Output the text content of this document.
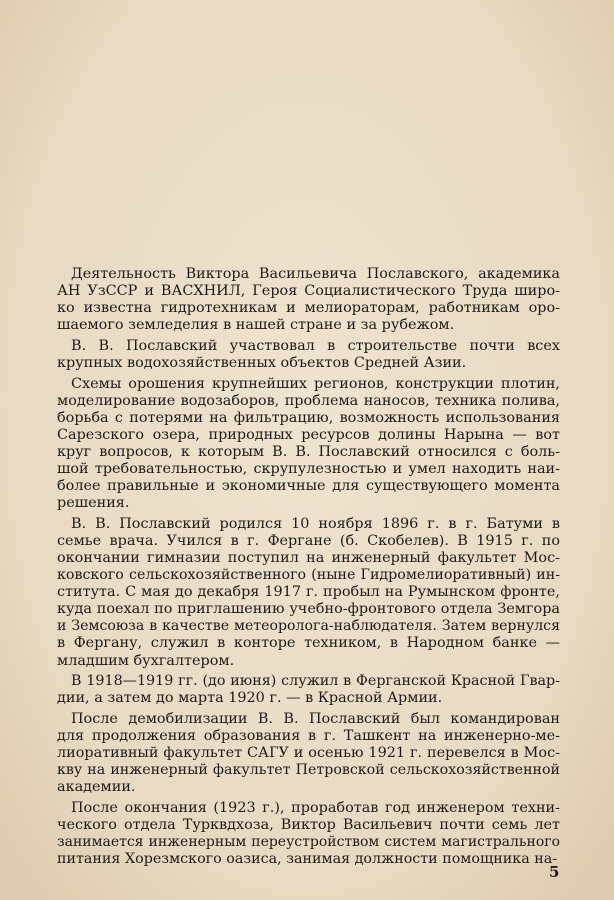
Деятельность Виктора Васильевича Пославского, академика
АН УзССР и ВАСХНИЛ, Героя Социалистического Труда широ-
ко известна гидротехникам и мелиораторам, работникам оро-
шаемого земледелия в нашей стране и за рубежом.

В. В. Пославский участвовал в строительстве почти всех
крупных водохозяйственных объектов Средней Азии.

Схемы орошения крупнейших регионов, конструкции плотин,
моделирование водозаборов, проблема наносов, техника полива,
борьба с потерями на фильтрацию, возможность использования
Сарезского озера, природных ресурсов долины Нарына — вот
круг вопросов, к которым В. В. Пославский относился с боль-
шой требовательностью, скрупулезностью и умел находить наи-
более правильные и экономичные для существующего момента
решения.

В. В. Пославский родился 10 ноября 1896 г. в г. Батуми в
семье врача. Учился в г. Фергане (б. Скобелев). В 1915 г. по
окончании гимназии поступил на инженерный факультет Мос-
ковского сельскохозяйственного (ныне Гидромелиоративный) ин-
ститута. С мая до декабря 1917 г. пробыл на Румынском фронте,
куда поехал по приглашению учебно-фронтового отдела Земгора
и Земсоюза в качестве метеоролога-наблюдателя. Затем вернулся
в Фергану, служил в конторе техником, в Народном банке —
младшим бухгалтером.

В 1918—1919 гг. (до июня) служил в Ферганской Красной Гвар-
дии, а затем до марта 1920 г. — в Красной Армии.

После демобилизации В. В. Пославский был командирован
для продолжения образования в г. Ташкент на инженерно-ме-
лиоративный факультет САГУ и осенью 1921 г. перевелся в Мос-
кву на инженерный факультет Петровской сельскохозяйственной
академии.

После окончания (1923 г.), проработав год инженером техни-
ческого отдела Турквдхоза, Виктор Васильевич почти семь лет
занимается инженерным переустройством систем магистрального
питания Хорезмского оазиса, занимая должности помощника на-

5
